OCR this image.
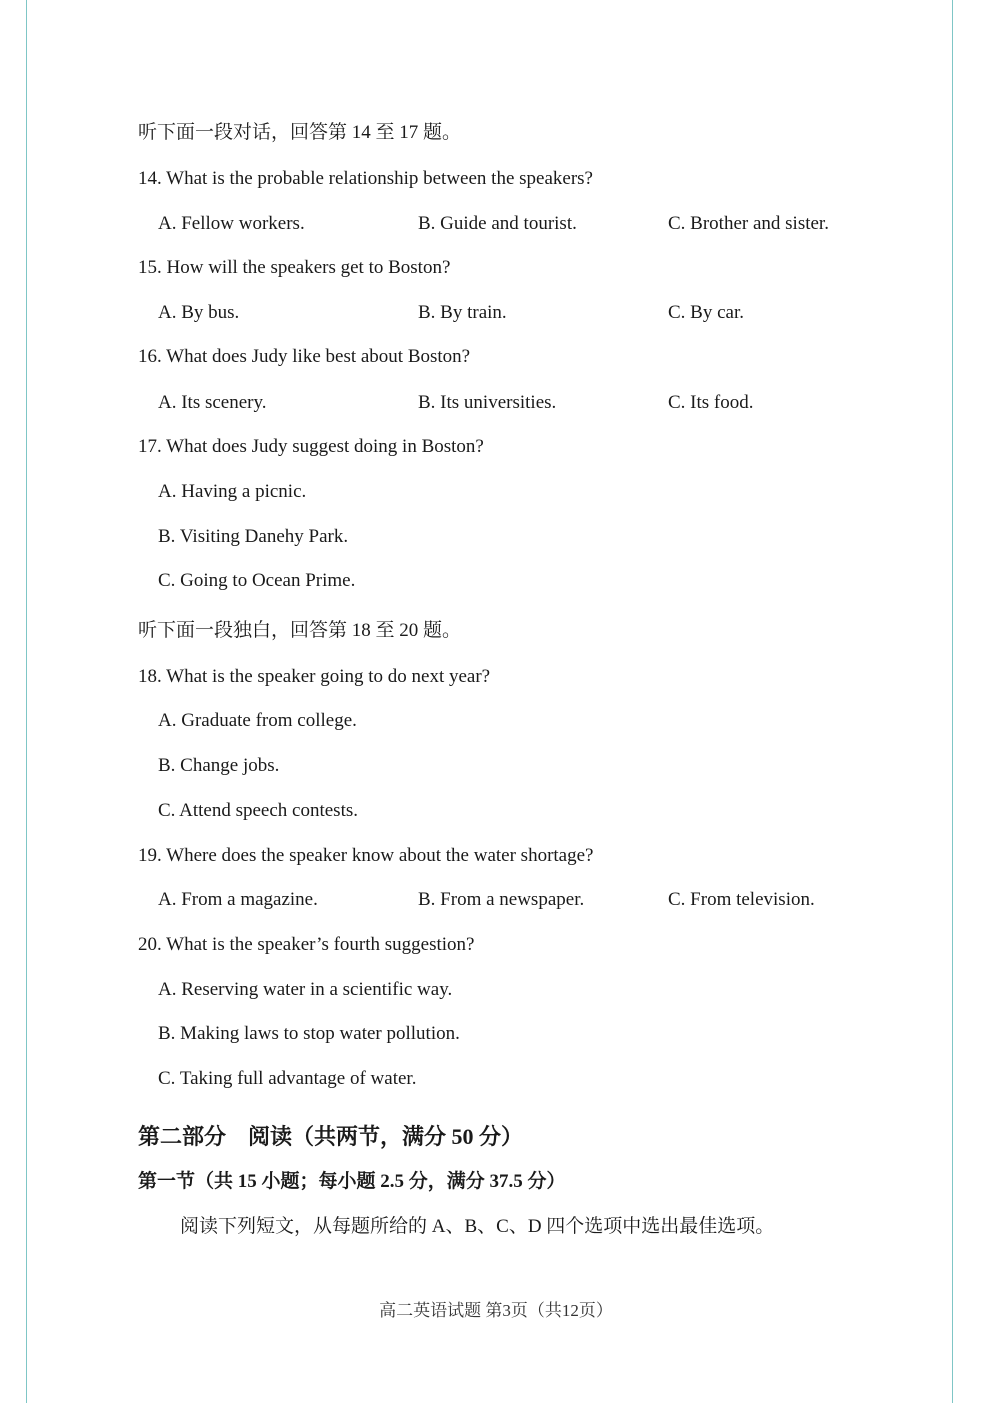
听下面一段对话，回答第 14 至 17 题。
14. What is the probable relationship between the speakers?
A. Fellow workers.	B. Guide and tourist.	C. Brother and sister.
15. How will the speakers get to Boston?
A. By bus.	B. By train.	C. By car.
16. What does Judy like best about Boston?
A. Its scenery.	B. Its universities.	C. Its food.
17. What does Judy suggest doing in Boston?
A. Having a picnic.
B. Visiting Danehy Park.
C. Going to Ocean Prime.
听下面一段独白，回答第 18 至 20 题。
18. What is the speaker going to do next year?
A. Graduate from college.
B. Change jobs.
C. Attend speech contests.
19. Where does the speaker know about the water shortage?
A. From a magazine.	B. From a newspaper.	C. From television.
20. What is the speaker’s fourth suggestion?
A. Reserving water in a scientific way.
B. Making laws to stop water pollution.
C. Taking full advantage of water.
第二部分　阅读（共两节，满分 50 分）
第一节（共 15 小题；每小题 2.5 分，满分 37.5 分）
阅读下列短文，从每题所给的 A、B、C、D 四个选项中选出最佳选项。
高二英语试题 第3页（共12页）
